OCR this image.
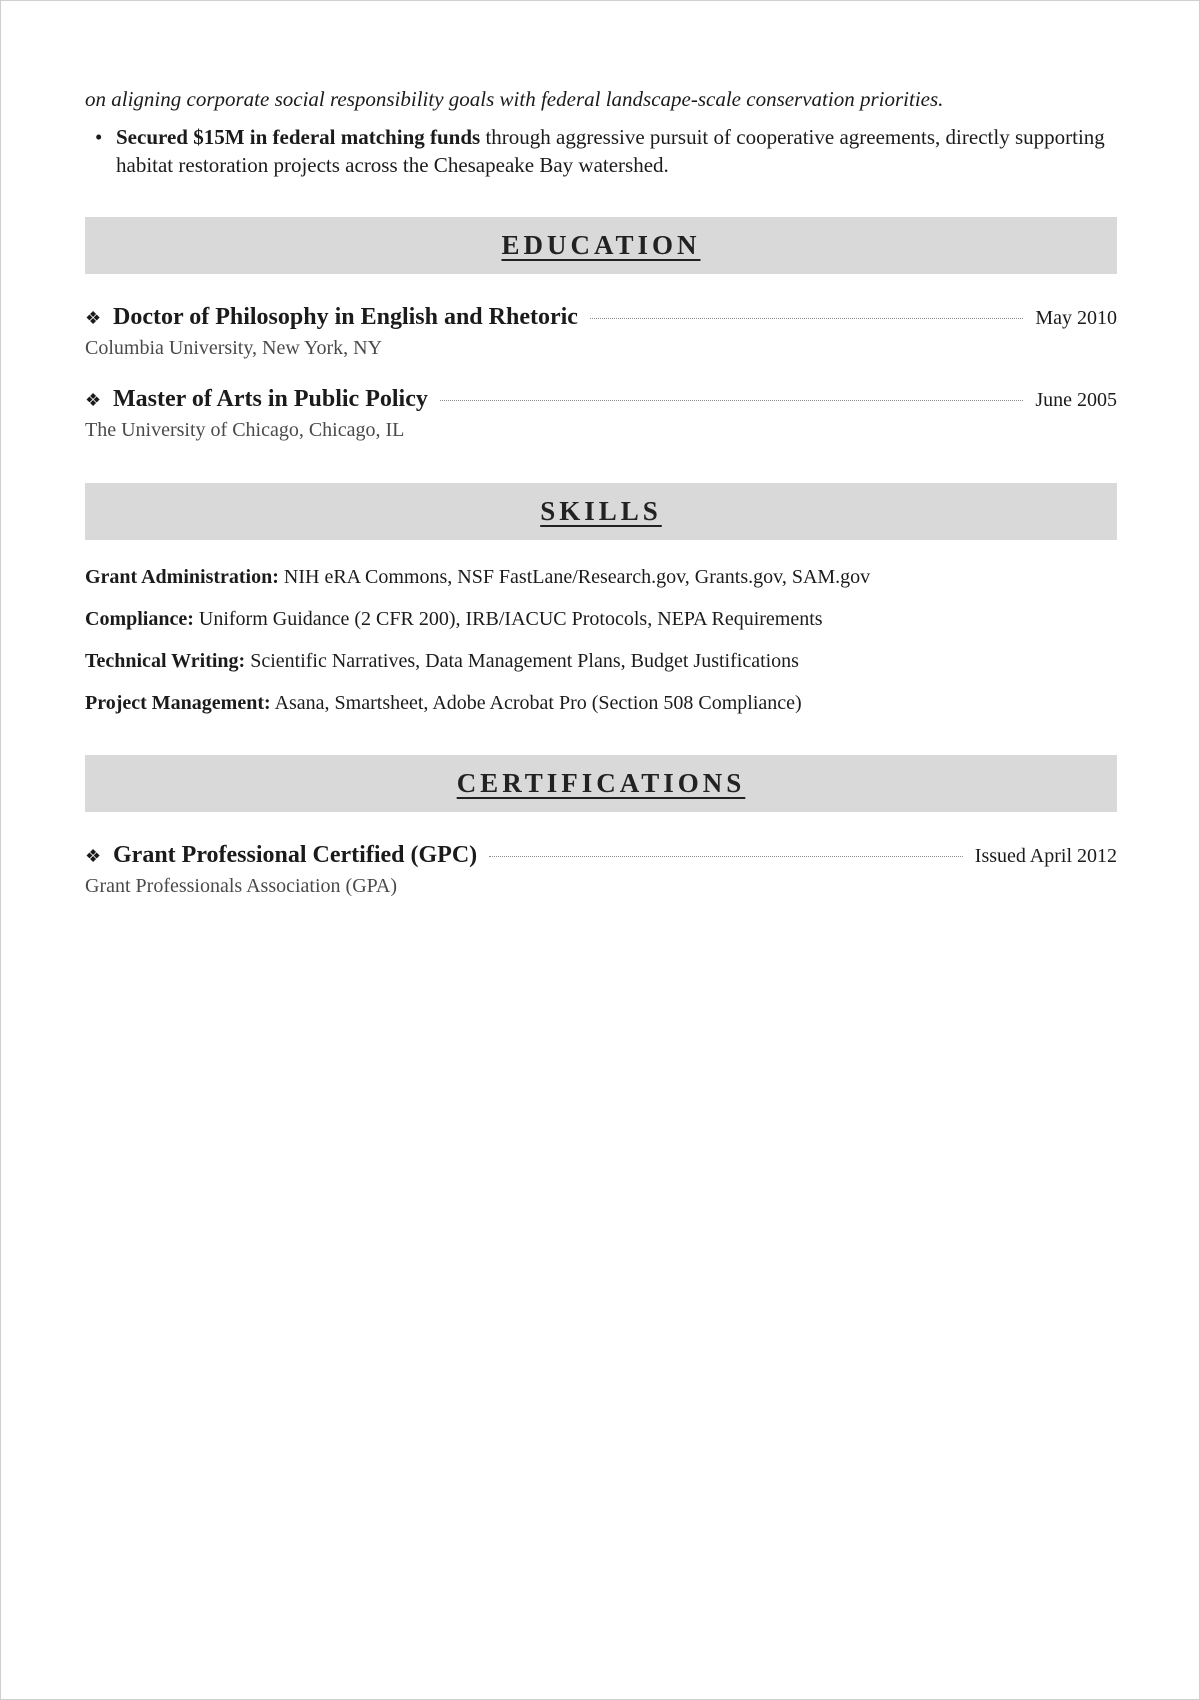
on aligning corporate social responsibility goals with federal landscape-scale conservation priorities.

• Secured $15M in federal matching funds through aggressive pursuit of cooperative agreements, directly supporting habitat restoration projects across the Chesapeake Bay watershed.
EDUCATION
❖ Doctor of Philosophy in English and Rhetoric	May 2010
Columbia University, New York, NY
❖ Master of Arts in Public Policy	June 2005
The University of Chicago, Chicago, IL
SKILLS
Grant Administration: NIH eRA Commons, NSF FastLane/Research.gov, Grants.gov, SAM.gov
Compliance: Uniform Guidance (2 CFR 200), IRB/IACUC Protocols, NEPA Requirements
Technical Writing: Scientific Narratives, Data Management Plans, Budget Justifications
Project Management: Asana, Smartsheet, Adobe Acrobat Pro (Section 508 Compliance)
CERTIFICATIONS
❖ Grant Professional Certified (GPC)	Issued April 2012
Grant Professionals Association (GPA)
